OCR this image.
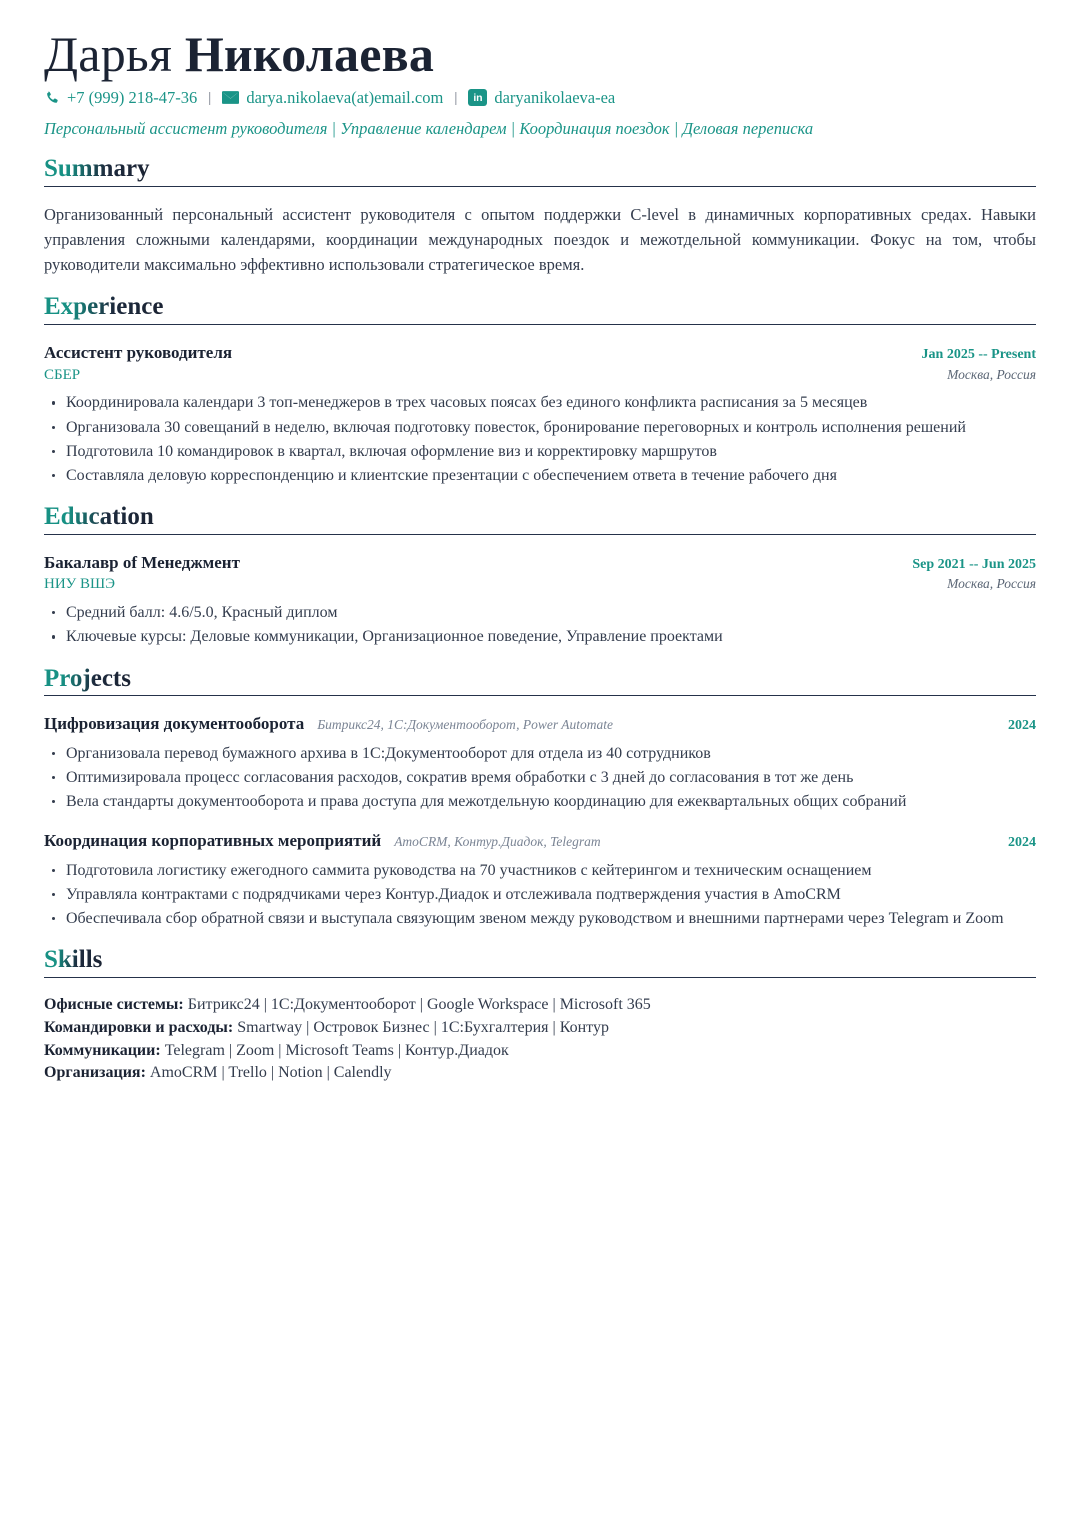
Дарья Николаева
+7 (999) 218-47-36 | darya.nikolaeva(at)email.com |	in daryanikolaeva-ea
Персональный ассистент руководителя | Управление календарем | Координация поездок | Деловая переписка
Summary

Организованный персональный ассистент руководителя с опытом поддержки C-level в динамичных корпоративных средах. Навыки управления сложными календарями, координации международных поездок и межотдельной коммуникации. Фокус на том, чтобы руководители максимально эффективно использовали стратегическое время.

Experience
Ассистент руководителя	Jan 2025 -- Present
СБЕР	Москва, Россия
Координировала календари 3 топ-менеджеров в трех часовых поясах без единого конфликта расписания за 5 месяцев
Организовала 30 совещаний в неделю, включая подготовку повесток, бронирование переговорных и контроль исполнения решений
Подготовила 10 командировок в квартал, включая оформление виз и корректировку маршрутов
Составляла деловую корреспонденцию и клиентские презентации с обеспечением ответа в течение рабочего дня
Education
Бакалавр of Менеджмент	Sep 2021 -- Jun 2025
НИУ ВШЭ	Москва, Россия
Средний балл: 4.6/5.0, Красный диплом
Ключевые курсы: Деловые коммуникации, Организационное поведение, Управление проектами
Projects
Цифровизация документооборота Битрикс24, 1С:Документооборот, Power Automate	2024
Организовала перевод бумажного архива в 1С:Документооборот для отдела из 40 сотрудников
Оптимизировала процесс согласования расходов, сократив время обработки с 3 дней до согласования в тот же день
Вела стандарты документооборота и права доступа для межотдельную координацию для ежеквартальных общих собраний
Координация корпоративных мероприятий AmoCRM, Контур.Диадок, Telegram	2024
Подготовила логистику ежегодного саммита руководства на 70 участников с кейтерингом и техническим оснащением
Управляла контрактами с подрядчиками через Контур.Диадок и отслеживала подтверждения участия в AmoCRM
Обеспечивала сбор обратной связи и выступала связующим звеном между руководством и внешними партнерами через Telegram и Zoom
Skills
Офисные системы: Битрикс24 | 1С:Документооборот | Google Workspace | Microsoft 365
Командировки и расходы: Smartway | Островок Бизнес | 1С:Бухгалтерия | Контур
Коммуникации: Telegram | Zoom | Microsoft Teams | Контур.Диадок
Организация: AmoCRM | Trello | Notion | Calendly
